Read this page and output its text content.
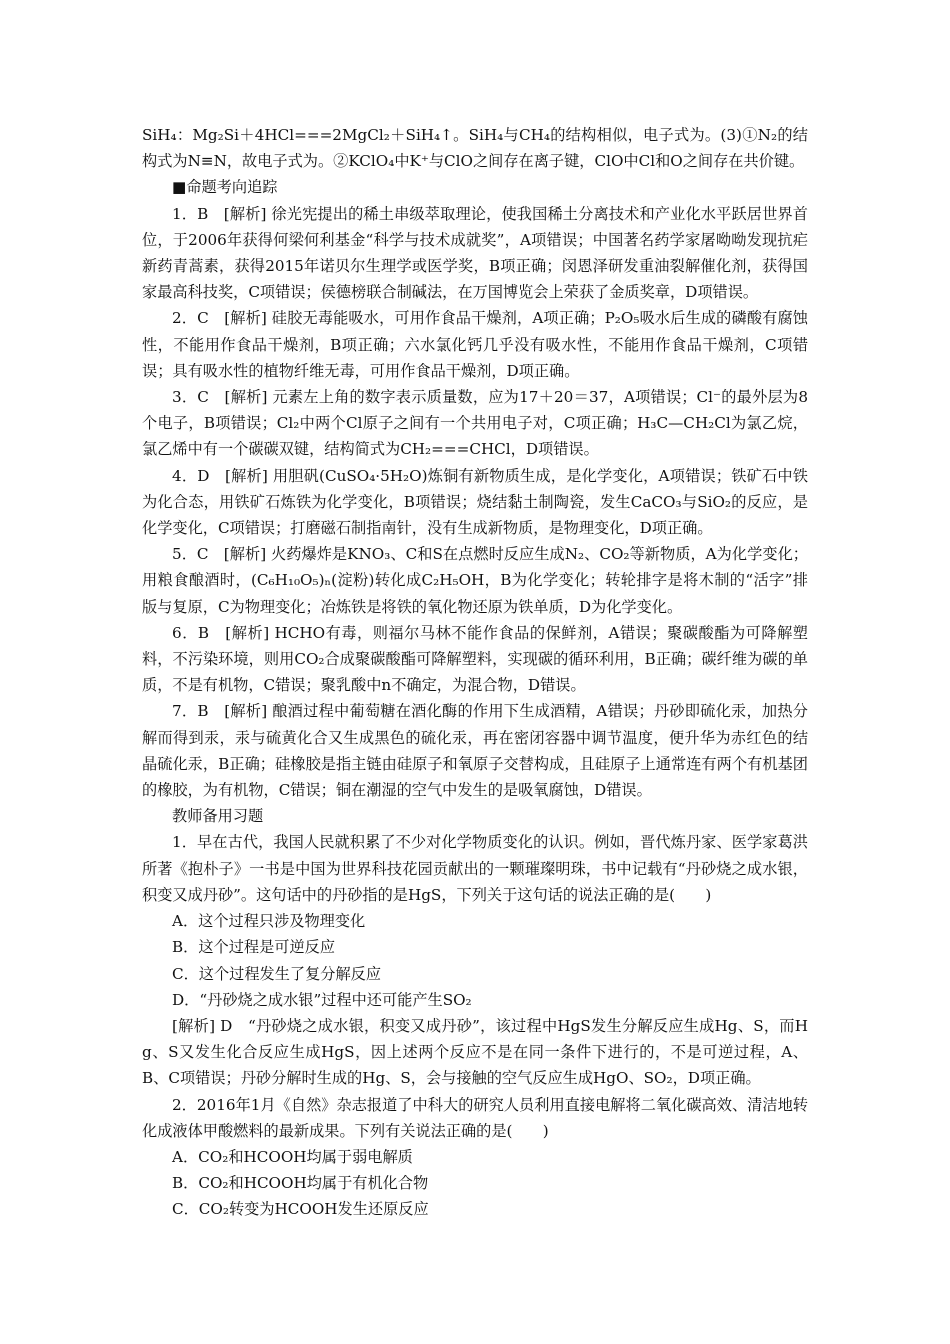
SiH₄：Mg₂Si＋4HCl===2MgCl₂＋SiH₄↑。SiH₄与CH₄的结构相似，电子式为。(3)①N₂的结构式为N≡N，故电子式为。②KClO₄中K⁺与ClO之间存在离子键，ClO中Cl和O之间存在共价键。

■命题考向追踪

1．B　[解析] 徐光宪提出的稀土串级萃取理论，使我国稀土分离技术和产业化水平跃居世界首位，于2006年获得何梁何利基金“科学与技术成就奖”，A项错误；中国著名药学家屠呦呦发现抗疟新药青蒿素，获得2015年诺贝尔生理学或医学奖，B项正确；闵恩泽研发重油裂解催化剂，获得国家最高科技奖，C项错误；侯德榜联合制碱法，在万国博览会上荣获了金质奖章，D项错误。

2．C　[解析] 硅胶无毒能吸水，可用作食品干燥剂，A项正确；P₂O₅吸水后生成的磷酸有腐蚀性，不能用作食品干燥剂，B项正确；六水氯化钙几乎没有吸水性，不能用作食品干燥剂，C项错误；具有吸水性的植物纤维无毒，可用作食品干燥剂，D项正确。

3．C　[解析] 元素左上角的数字表示质量数，应为17＋20＝37，A项错误；Cl⁻的最外层为8个电子，B项错误；Cl₂中两个Cl原子之间有一个共用电子对，C项正确；H₃C—CH₂Cl为氯乙烷，氯乙烯中有一个碳碳双键，结构简式为CH₂===CHCl，D项错误。

4．D　[解析] 用胆矾(CuSO₄·5H₂O)炼铜有新物质生成，是化学变化，A项错误；铁矿石中铁为化合态，用铁矿石炼铁为化学变化，B项错误；烧结黏土制陶瓷，发生CaCO₃与SiO₂的反应，是化学变化，C项错误；打磨磁石制指南针，没有生成新物质，是物理变化，D项正确。

5．C　[解析] 火药爆炸是KNO₃、C和S在点燃时反应生成N₂、CO₂等新物质，A为化学变化；用粮食酿酒时，(C₆H₁₀O₅)ₙ(淀粉)转化成C₂H₅OH，B为化学变化；转轮排字是将木制的“活字”排版与复原，C为物理变化；冶炼铁是将铁的氧化物还原为铁单质，D为化学变化。

6．B　[解析] HCHO有毒，则福尔马林不能作食品的保鲜剂，A错误；聚碳酸酯为可降解塑料，不污染环境，则用CO₂合成聚碳酸酯可降解塑料，实现碳的循环利用，B正确；碳纤维为碳的单质，不是有机物，C错误；聚乳酸中n不确定，为混合物，D错误。

7．B　[解析] 酿酒过程中葡萄糖在酒化酶的作用下生成酒精，A错误；丹砂即硫化汞，加热分解而得到汞，汞与硫黄化合又生成黑色的硫化汞，再在密闭容器中调节温度，便升华为赤红色的结晶硫化汞，B正确；硅橡胶是指主链由硅原子和氧原子交替构成，且硅原子上通常连有两个有机基团的橡胶，为有机物，C错误；铜在潮湿的空气中发生的是吸氧腐蚀，D错误。

教师备用习题

1．早在古代，我国人民就积累了不少对化学物质变化的认识。例如，晋代炼丹家、医学家葛洪所著《抱朴子》一书是中国为世界科技花园贡献出的一颗璀璨明珠，书中记载有“丹砂烧之成水银，积变又成丹砂”。这句话中的丹砂指的是HgS，下列关于这句话的说法正确的是(　　)

A．这个过程只涉及物理变化

B．这个过程是可逆反应

C．这个过程发生了复分解反应

D．“丹砂烧之成水银”过程中还可能产生SO₂

[解析] D　“丹砂烧之成水银，积变又成丹砂”，该过程中HgS发生分解反应生成Hg、S，而Hg、S又发生化合反应生成HgS，因上述两个反应不是在同一条件下进行的，不是可逆过程，A、B、C项错误；丹砂分解时生成的Hg、S，会与接触的空气反应生成HgO、SO₂，D项正确。

2．2016年1月《自然》杂志报道了中科大的研究人员利用直接电解将二氧化碳高效、清洁地转化成液体甲酸燃料的最新成果。下列有关说法正确的是(　　)

A．CO₂和HCOOH均属于弱电解质

B．CO₂和HCOOH均属于有机化合物

C．CO₂转变为HCOOH发生还原反应
